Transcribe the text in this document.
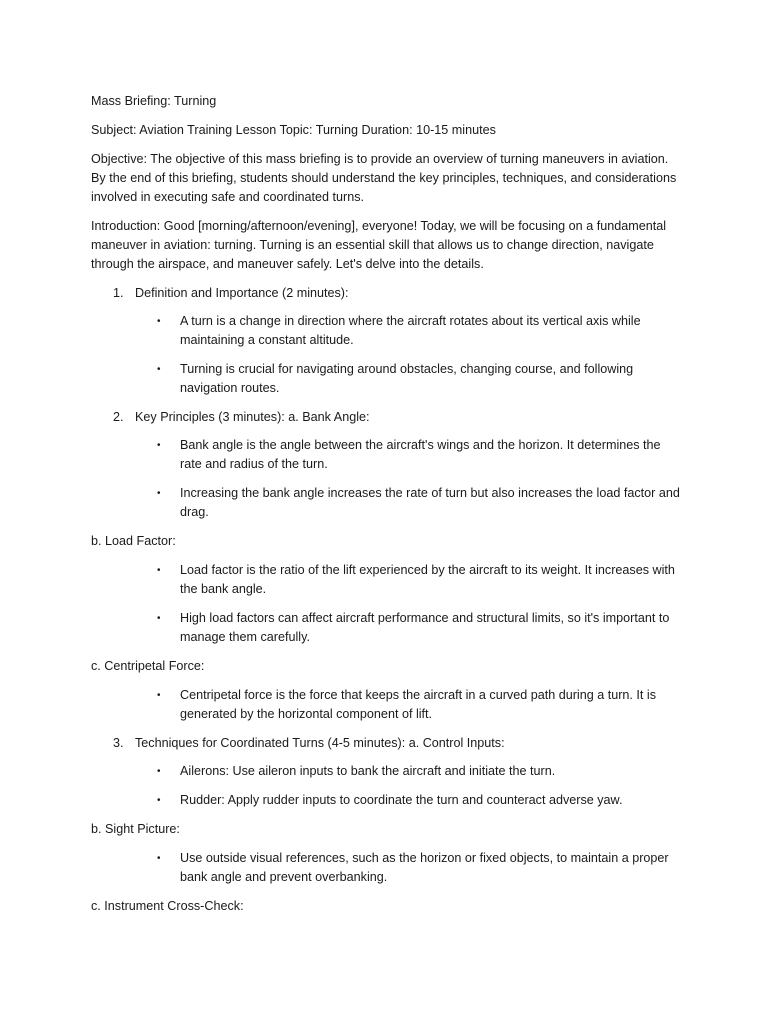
Mass Briefing: Turning

Subject: Aviation Training Lesson Topic: Turning Duration: 10-15 minutes

Objective: The objective of this mass briefing is to provide an overview of turning maneuvers in aviation. By the end of this briefing, students should understand the key principles, techniques, and considerations involved in executing safe and coordinated turns.

Introduction: Good [morning/afternoon/evening], everyone! Today, we will be focusing on a fundamental maneuver in aviation: turning. Turning is an essential skill that allows us to change direction, navigate through the airspace, and maneuver safely. Let's delve into the details.

1. Definition and Importance (2 minutes):
• A turn is a change in direction where the aircraft rotates about its vertical axis while maintaining a constant altitude.
• Turning is crucial for navigating around obstacles, changing course, and following navigation routes.
2. Key Principles (3 minutes): a. Bank Angle:
• Bank angle is the angle between the aircraft's wings and the horizon. It determines the rate and radius of the turn.
• Increasing the bank angle increases the rate of turn but also increases the load factor and drag.

b. Load Factor:

• Load factor is the ratio of the lift experienced by the aircraft to its weight. It increases with the bank angle.
• High load factors can affect aircraft performance and structural limits, so it's important to manage them carefully.

c. Centripetal Force:

• Centripetal force is the force that keeps the aircraft in a curved path during a turn. It is generated by the horizontal component of lift.
3. Techniques for Coordinated Turns (4-5 minutes): a. Control Inputs:
• Ailerons: Use aileron inputs to bank the aircraft and initiate the turn.
• Rudder: Apply rudder inputs to coordinate the turn and counteract adverse yaw.

b. Sight Picture:

• Use outside visual references, such as the horizon or fixed objects, to maintain a proper bank angle and prevent overbanking.

c. Instrument Cross-Check:
